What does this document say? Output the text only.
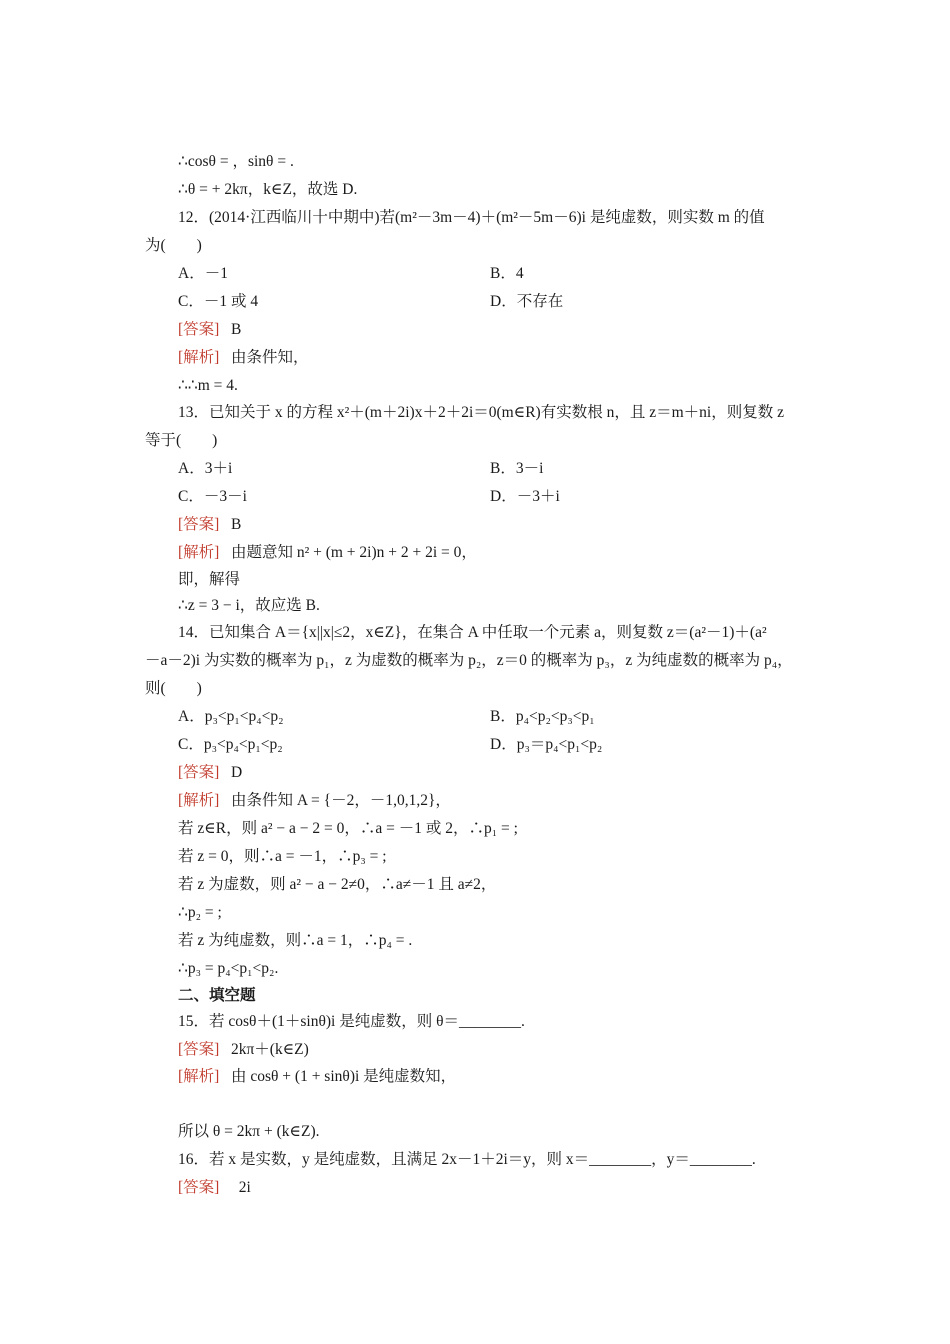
∴cosθ = ，sinθ = .
∴θ = + 2kπ，k∈Z，故选 D.
12．(2014·江西临川十中期中)若(m²－3m－4)＋(m²－5m－6)i 是纯虚数，则实数 m 的值
为(　　)
A．－1	B．4
C．－1 或 4	D．不存在
[答案] B
[解析] 由条件知，
∴∴m = 4.
13．已知关于 x 的方程 x²＋(m＋2i)x＋2＋2i＝0(m∈R)有实数根 n，且 z＝m＋ni，则复数 z
等于(　　)
A．3＋i	B．3－i
C．－3－i	D．－3＋i
[答案] B
[解析] 由题意知 n² + (m + 2i)n + 2 + 2i = 0，
即，解得
∴z = 3 − i，故应选 B.
14．已知集合 A＝{x||x|≤2，x∈Z}，在集合 A 中任取一个元素 a，则复数 z＝(a²－1)＋(a²
－a－2)i 为实数的概率为 p₁，z 为虚数的概率为 p₂，z＝0 的概率为 p₃，z 为纯虚数的概率为 p₄，
则(　　)
A．p₃<p₁<p₄<p₂	B．p₄<p₂<p₃<p₁
C．p₃<p₄<p₁<p₂	D．p₃＝p₄<p₁<p₂
[答案] D
[解析] 由条件知 A = {－2，－1,0,1,2}，
若 z∈R，则 a² − a − 2 = 0，∴a = －1 或 2，∴p₁ = ;
若 z = 0，则∴a = －1，∴p₃ = ;
若 z 为虚数，则 a² − a − 2≠0，∴a≠－1 且 a≠2，
∴p₂ = ;
若 z 为纯虚数，则∴a = 1，∴p₄ = .
∴p₃ = p₄<p₁<p₂.
二、填空题
15．若 cosθ＋(1＋sinθ)i 是纯虚数，则 θ＝________.
[答案] 2kπ＋(k∈Z)
[解析] 由 cosθ + (1 + sinθ)i 是纯虚数知，
所以 θ = 2kπ + (k∈Z).
16．若 x 是实数，y 是纯虚数，且满足 2x－1＋2i＝y，则 x＝________，y＝________.
[答案] 2i
